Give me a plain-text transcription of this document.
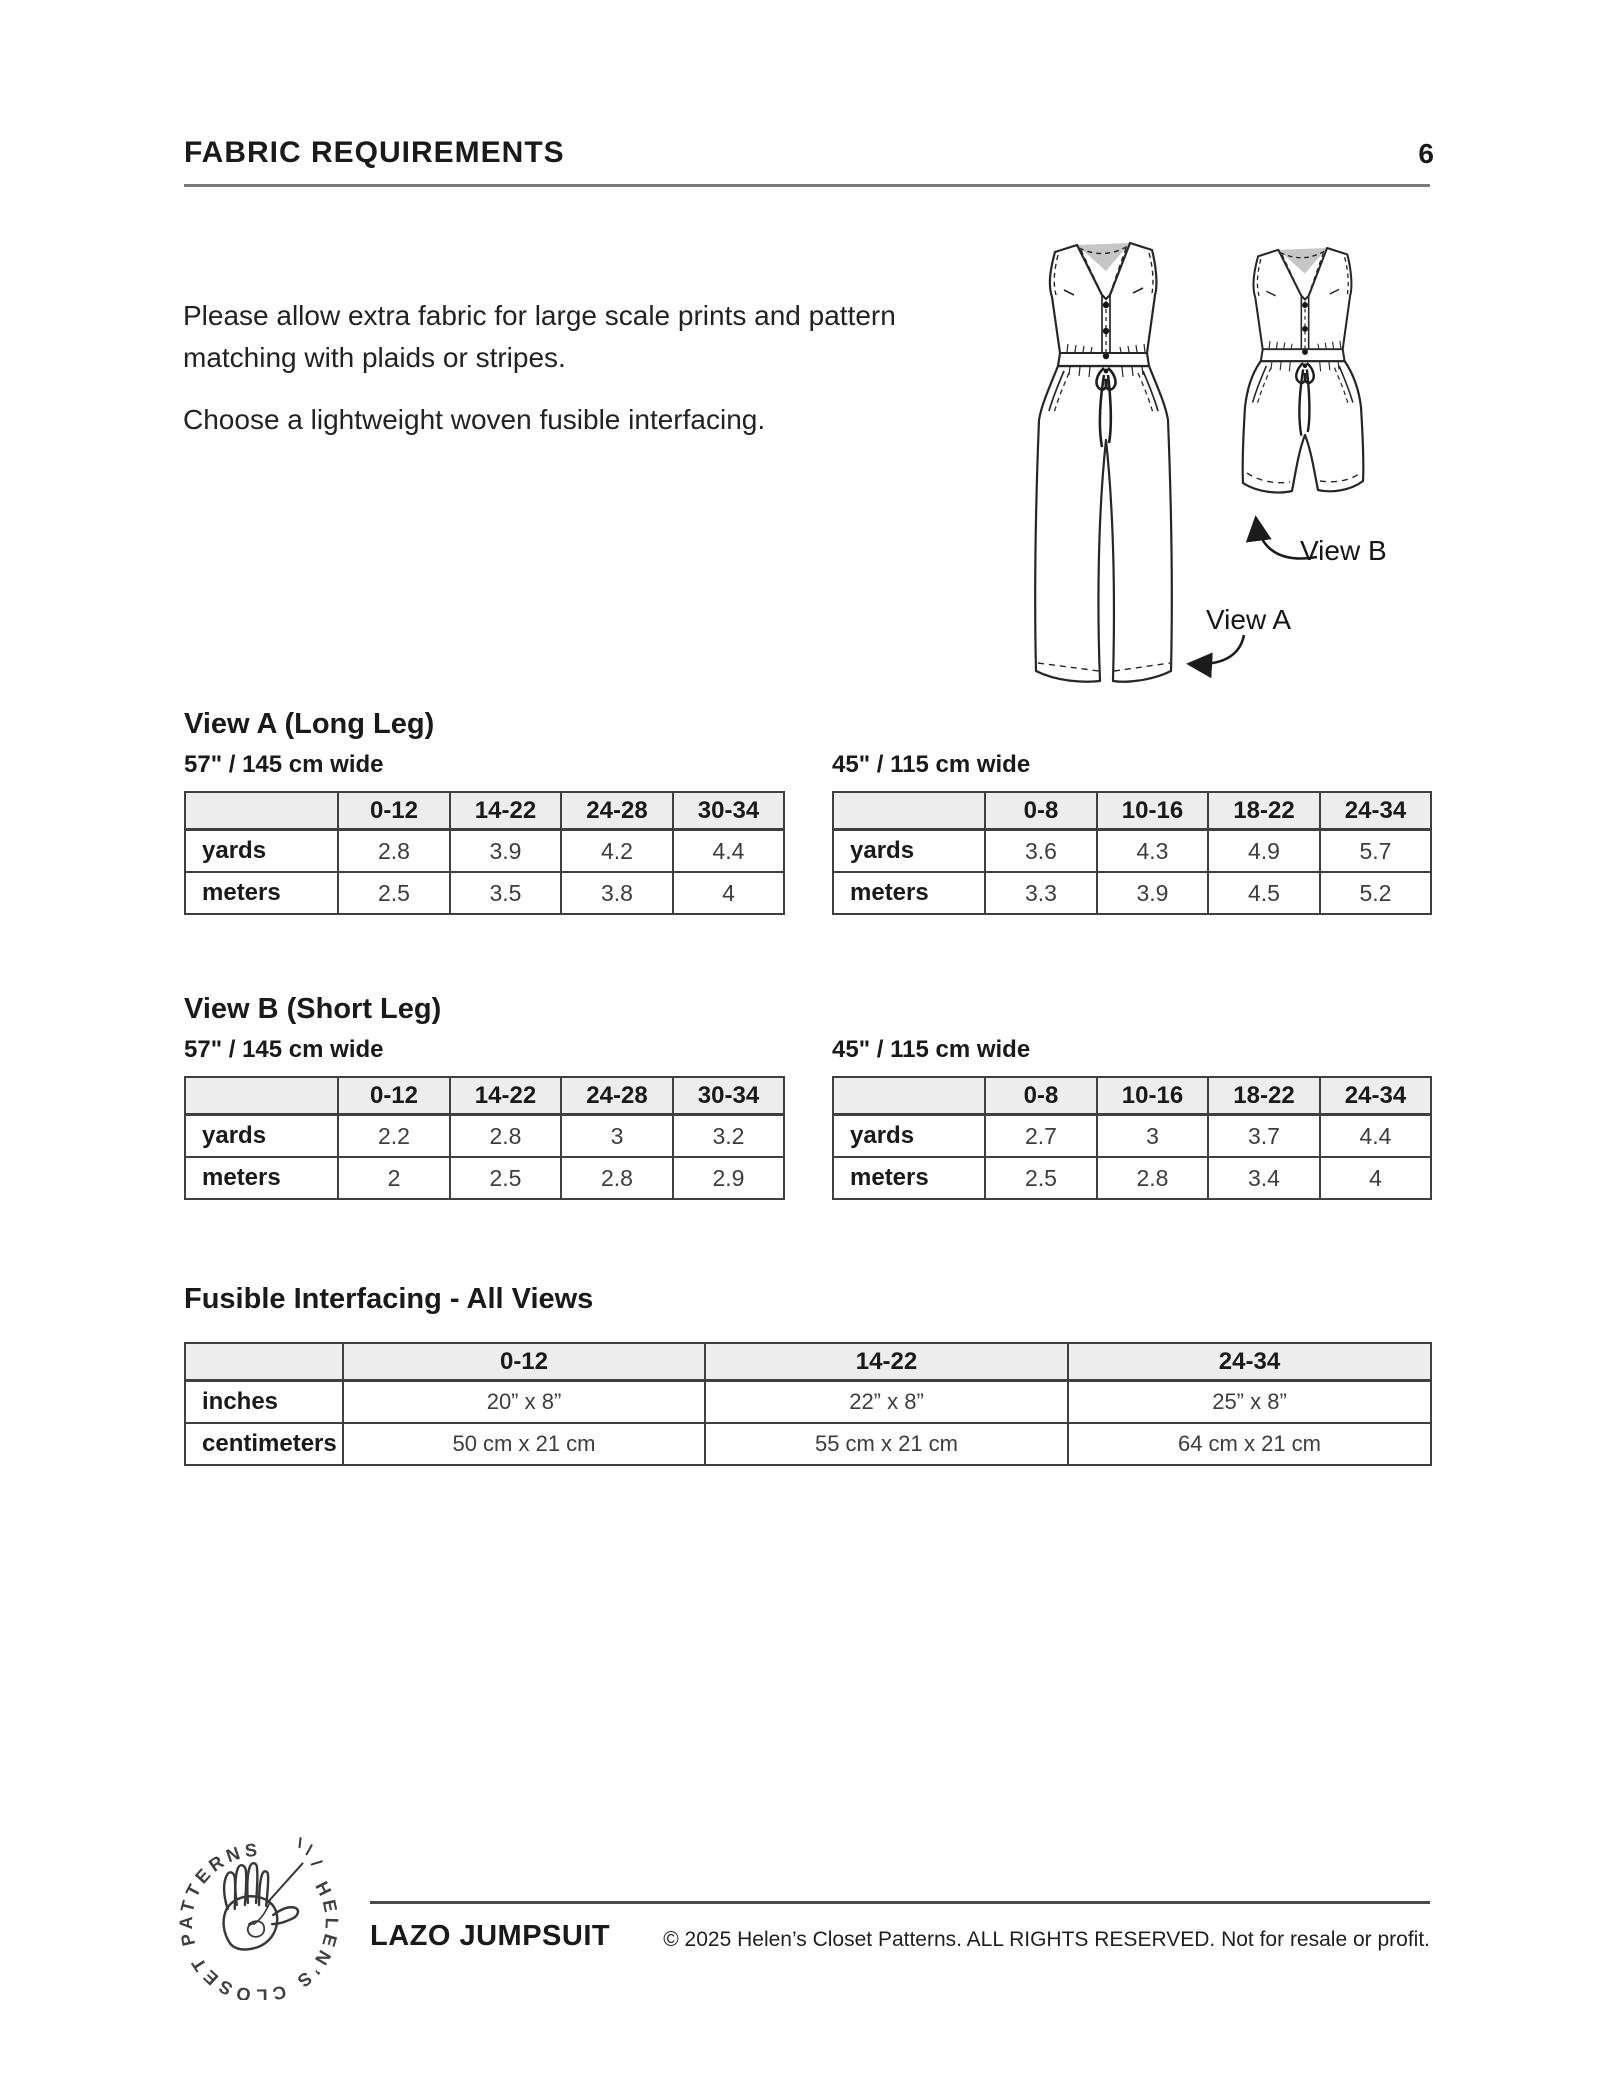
FABRIC REQUIREMENTS	6

Please allow extra fabric for large scale prints and pattern matching with plaids or stripes.

Choose a lightweight woven fusible interfacing.

View A
View B
View A (Long Leg)
57" / 145 cm wide
	0-12	14-22	24-28	30-34
yards	2.8	3.9	4.2	4.4
meters	2.5	3.5	3.8	4
45" / 115 cm wide
	0-8	10-16	18-22	24-34
yards	3.6	4.3	4.9	5.7
meters	3.3	3.9	4.5	5.2
View B (Short Leg)
57" / 145 cm wide
	0-12	14-22	24-28	30-34
yards	2.2	2.8	3	3.2
meters	2	2.5	2.8	2.9
45" / 115 cm wide
	0-8	10-16	18-22	24-34
yards	2.7	3	3.7	4.4
meters	2.5	2.8	3.4	4
Fusible Interfacing - All Views
	0-12	14-22	24-34
inches	20” x 8”	22” x 8”	25” x 8”
centimeters	50 cm x 21 cm	55 cm x 21 cm	64 cm x 21 cm
HELEN’S CLOSET PATTERNS
LAZO JUMPSUIT	© 2025 Helen’s Closet Patterns. ALL RIGHTS RESERVED. Not for resale or profit.
